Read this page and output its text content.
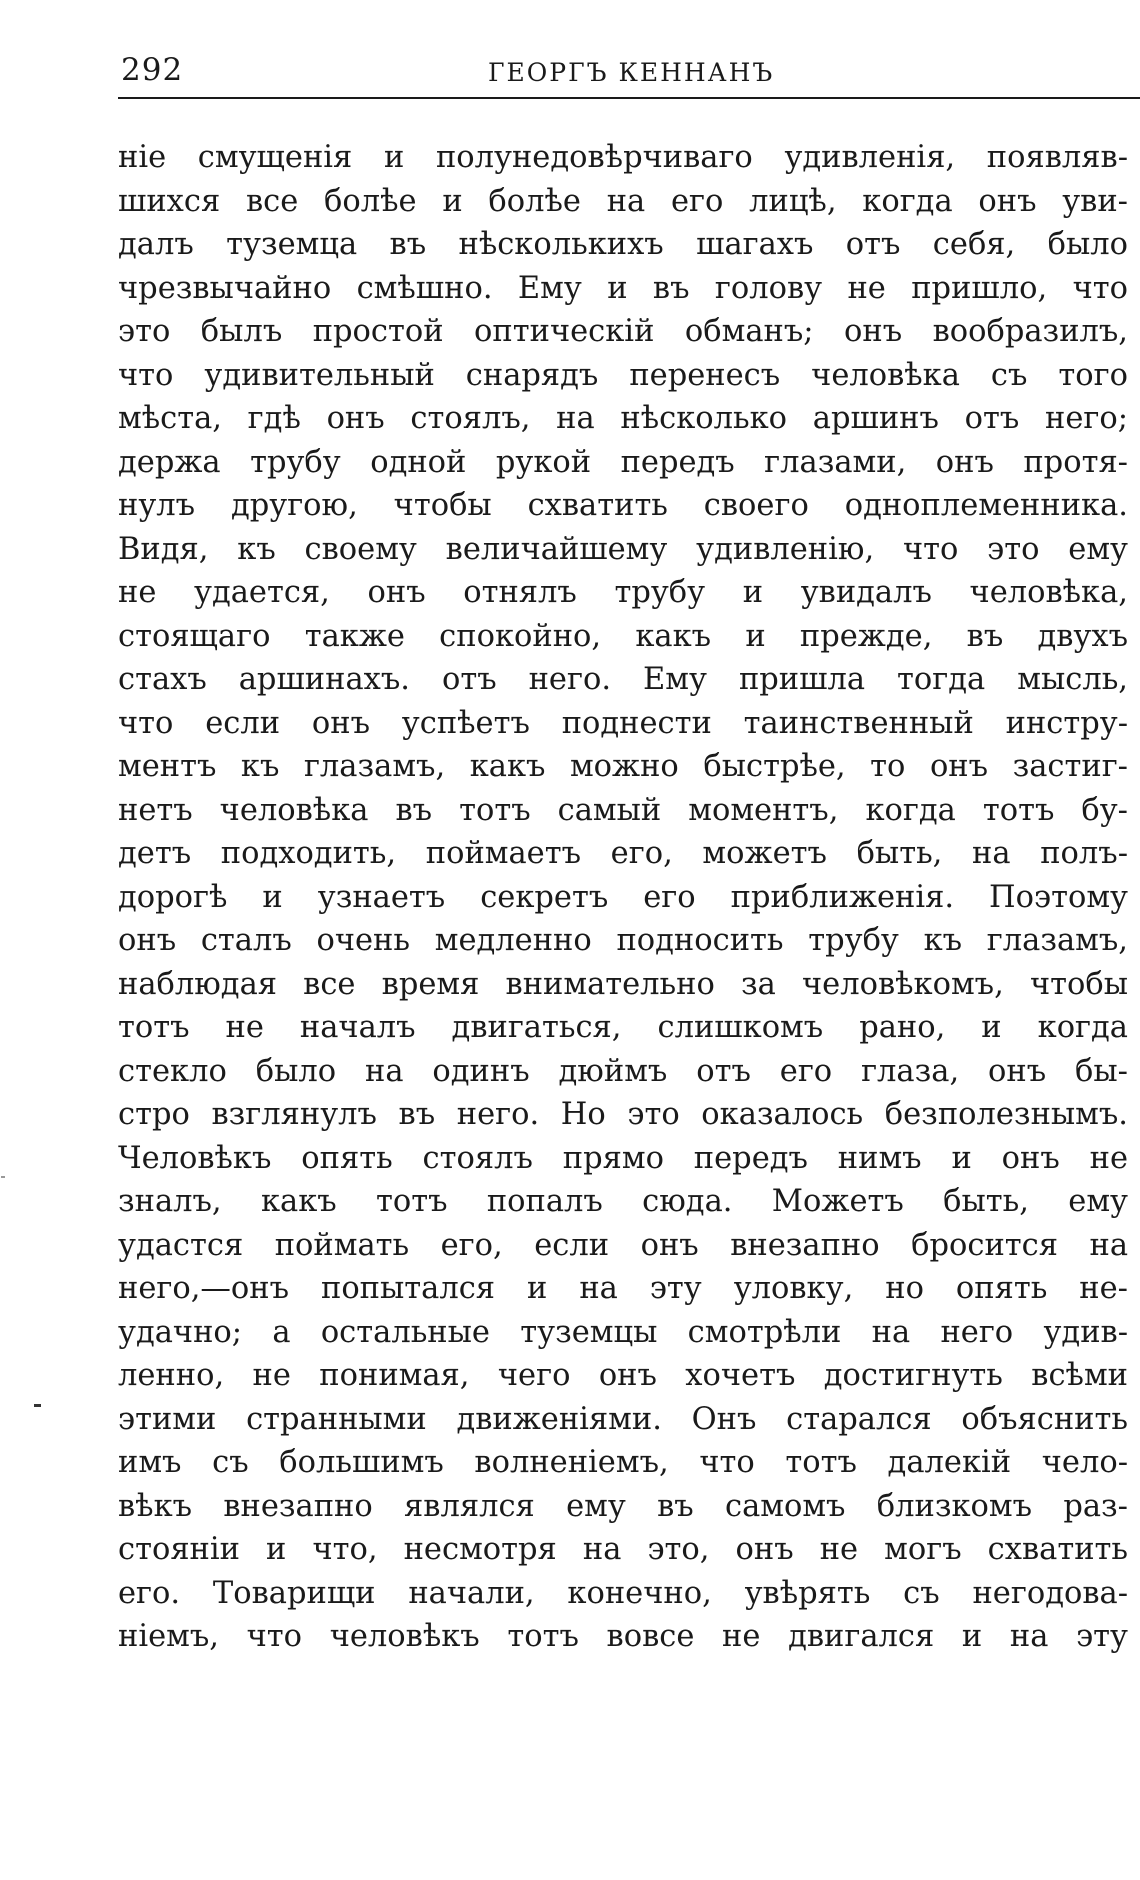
292	ГЕОРГЪ КЕННАНЪ
ніе смущенія и полунедовѣрчиваго удивленія, появляв-
шихся все болѣе и болѣе на его лицѣ, когда онъ уви-
далъ туземца въ нѣсколькихъ шагахъ отъ себя, было
чрезвычайно смѣшно. Ему и въ голову не пришло, что
это былъ простой оптическій обманъ; онъ вообразилъ,
что удивительный снарядъ перенесъ человѣка съ того
мѣста, гдѣ онъ стоялъ, на нѣсколько аршинъ отъ него;
держа трубу одной рукой передъ глазами, онъ протя-
нулъ другою, чтобы схватить своего одноплеменника.
Видя, къ своему величайшему удивленію, что это ему
не удается, онъ отнялъ трубу и увидалъ человѣка,
стоящаго также спокойно, какъ и прежде, въ двухъ
стахъ аршинахъ. отъ него. Ему пришла тогда мысль,
что если онъ успѣетъ поднести таинственный инстру-
ментъ къ глазамъ, какъ можно быстрѣе, то онъ застиг-
нетъ человѣка въ тотъ самый моментъ, когда тотъ бу-
детъ подходить, поймаетъ его, можетъ быть, на полъ-
дорогѣ и узнаетъ секретъ его приближенія. Поэтому
онъ сталъ очень медленно подносить трубу къ глазамъ,
наблюдая все время внимательно за человѣкомъ, чтобы
тотъ не началъ двигаться, слишкомъ рано, и когда
стекло было на одинъ дюймъ отъ его глаза, онъ бы-
стро взглянулъ въ него. Но это оказалось безполезнымъ.
Человѣкъ опять стоялъ прямо передъ нимъ и онъ не
зналъ, какъ тотъ попалъ сюда. Можетъ быть, ему
удастся поймать его, если онъ внезапно бросится на
него,—онъ попытался и на эту уловку, но опять не-
удачно; а остальные туземцы смотрѣли на него удив-
ленно, не понимая, чего онъ хочетъ достигнуть всѣми
этими странными движеніями. Онъ старался объяснить
имъ съ большимъ волненіемъ, что тотъ далекій чело-
вѣкъ внезапно являлся ему въ самомъ близкомъ раз-
стояніи и что, несмотря на это, онъ не могъ схватить
его. Товарищи начали, конечно, увѣрять съ негодова-
ніемъ, что человѣкъ тотъ вовсе не двигался и на эту
